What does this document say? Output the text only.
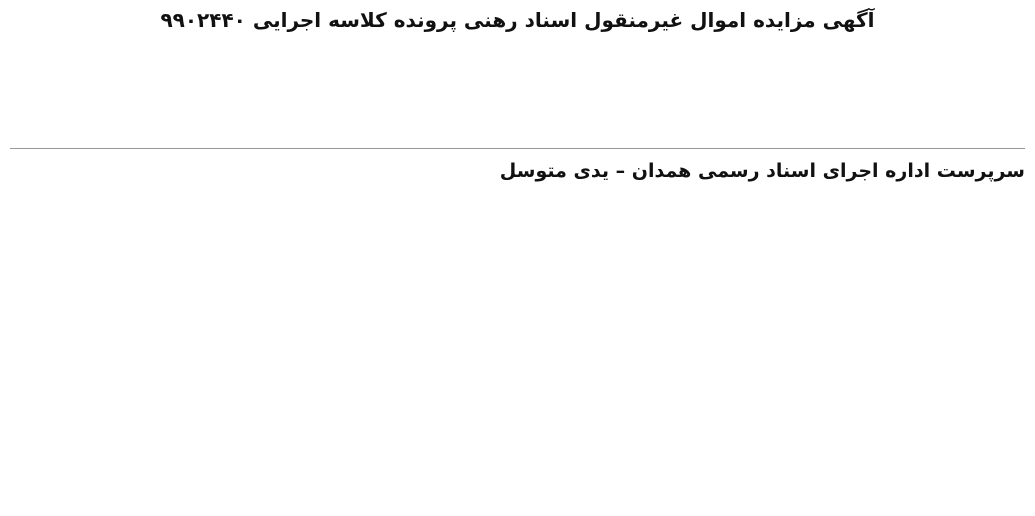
آگهی مزایده اموال غیرمنقول اسناد رهنی پرونده کلاسه اجرایی ۹۹۰۲۴۴۰

سرپرست اداره اجرای اسناد رسمی همدان – یدی متوسل
